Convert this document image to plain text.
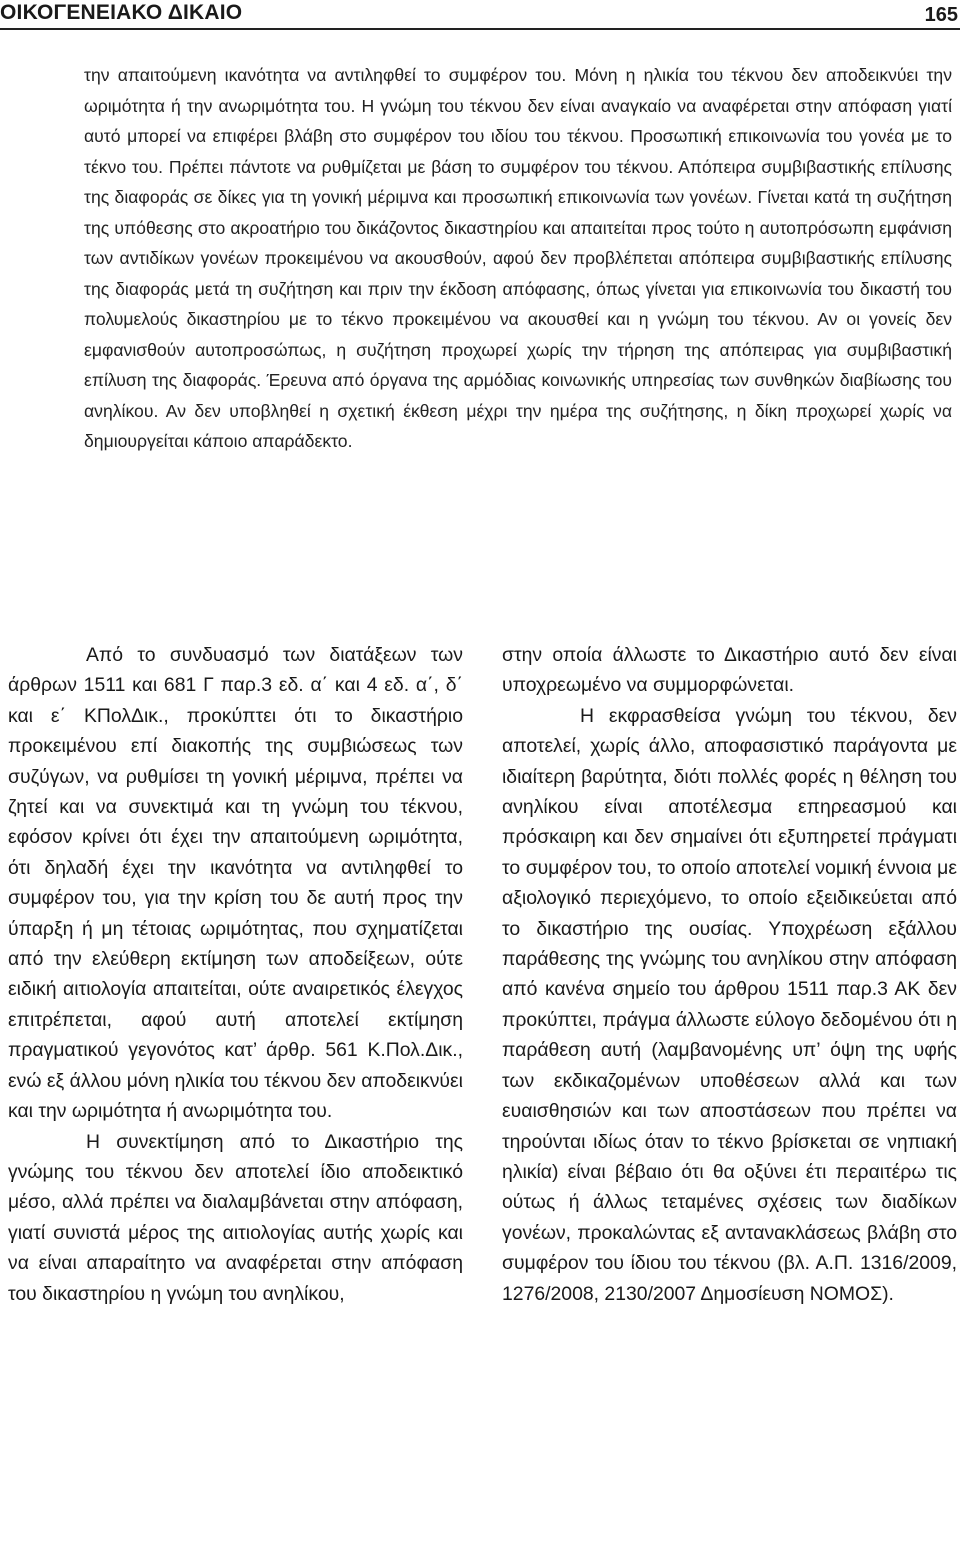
ΟΙΚΟΓΕΝΕΙΑΚΟ ΔΙΚΑΙΟ	165
την απαιτούμενη ικανότητα να αντιληφθεί το συμφέρον του. Μόνη η ηλικία του τέκνου δεν αποδεικνύει την ωριμότητα ή την ανωριμότητα του. Η γνώμη του τέκνου δεν είναι αναγκαίο να αναφέρεται στην απόφαση γιατί αυτό μπορεί να επιφέρει βλάβη στο συμφέρον του ιδίου του τέκνου. Προσωπική επικοινωνία του γονέα με το τέκνο του. Πρέπει πάντοτε να ρυθμίζεται με βάση το συμφέρον του τέκνου. Απόπειρα συμβιβαστικής επίλυσης της διαφοράς σε δίκες για τη γονική μέριμνα και προσωπική επικοινωνία των γονέων. Γίνεται κατά τη συζήτηση της υπόθεσης στο ακροατήριο του δικάζοντος δικαστηρίου και απαιτείται προς τούτο η αυτοπρόσωπη εμφάνιση των αντιδίκων γονέων προκειμένου να ακουσθούν, αφού δεν προβλέπεται απόπειρα συμβιβαστικής επίλυσης της διαφοράς μετά τη συζήτηση και πριν την έκδοση απόφασης, όπως γίνεται για επικοινωνία του δικαστή του πολυμελούς δικαστηρίου με το τέκνο προκειμένου να ακουσθεί και η γνώμη του τέκνου. Αν οι γονείς δεν εμφανισθούν αυτοπροσώπως, η συζήτηση προχωρεί χωρίς την τήρηση της απόπειρας για συμβιβαστική επίλυση της διαφοράς. Έρευνα από όργανα της αρμόδιας κοινωνικής υπηρεσίας των συνθηκών διαβίωσης του ανηλίκου. Αν δεν υποβληθεί η σχετική έκθεση μέχρι την ημέρα της συζήτησης, η δίκη προχωρεί χωρίς να δημιουργείται κάποιο απαράδεκτο.

Από το συνδυασμό των διατάξεων των άρθρων 1511 και 681 Γ παρ.3 εδ. α΄ και 4 εδ. α΄, δ΄ και ε΄ ΚΠολΔικ., προκύπτει ότι το δικαστήριο προκειμένου επί διακοπής της συμβιώσεως των συζύγων, να ρυθμίσει τη γονική μέριμνα, πρέπει να ζητεί και να συνεκτιμά και τη γνώμη του τέκνου, εφόσον κρίνει ότι έχει την απαιτούμενη ωριμότητα, ότι δηλαδή έχει την ικανότητα να αντιληφθεί το συμφέρον του, για την κρίση του δε αυτή προς την ύπαρξη ή μη τέτοιας ωριμότητας, που σχηματίζεται από την ελεύθερη εκτίμηση των αποδείξεων, ούτε ειδική αιτιολογία απαιτείται, ούτε αναιρετικός έλεγχος επιτρέπεται, αφού αυτή αποτελεί εκτίμηση πραγματικού γεγονότος κατ’ άρθρ. 561 Κ.Πολ.Δικ., ενώ εξ άλλου μόνη ηλικία του τέκνου δεν αποδεικνύει και την ωριμότητα ή ανωριμότητα του.

Η συνεκτίμηση από το Δικαστήριο της γνώμης του τέκνου δεν αποτελεί ίδιο αποδεικτικό μέσο, αλλά πρέπει να διαλαμβάνεται στην απόφαση, γιατί συνιστά μέρος της αιτιολογίας αυτής χωρίς και να είναι απαραίτητο να αναφέρεται στην απόφαση του δικαστηρίου η γνώμη του ανηλίκου,

στην οποία άλλωστε το Δικαστήριο αυτό δεν είναι υποχρεωμένο να συμμορφώνεται.

Η εκφρασθείσα γνώμη του τέκνου, δεν αποτελεί, χωρίς άλλο, αποφασιστικό παράγοντα με ιδιαίτερη βαρύτητα, διότι πολλές φορές η θέληση του ανηλίκου είναι αποτέλεσμα επηρεασμού και πρόσκαιρη και δεν σημαίνει ότι εξυπηρετεί πράγματι το συμφέρον του, το οποίο αποτελεί νομική έννοια με αξιολογικό περιεχόμενο, το οποίο εξειδικεύεται από το δικαστήριο της ουσίας. Υποχρέωση εξάλλου παράθεσης της γνώμης του ανηλίκου στην απόφαση από κανένα σημείο του άρθρου 1511 παρ.3 ΑΚ δεν προκύπτει, πράγμα άλλωστε εύλογο δεδομένου ότι η παράθεση αυτή (λαμβανομένης υπ’ όψη της υφής των εκδικαζομένων υποθέσεων αλλά και των ευαισθησιών και των αποστάσεων που πρέπει να τηρούνται ιδίως όταν το τέκνο βρίσκεται σε νηπιακή ηλικία) είναι βέβαιο ότι θα οξύνει έτι περαιτέρω τις ούτως ή άλλως τεταμένες σχέσεις των διαδίκων γονέων, προκαλώντας εξ αντανακλάσεως βλάβη στο συμφέρον του ίδιου του τέκνου (βλ. Α.Π. 1316/2009, 1276/2008, 2130/2007 Δημοσίευση ΝΟΜΟΣ).
